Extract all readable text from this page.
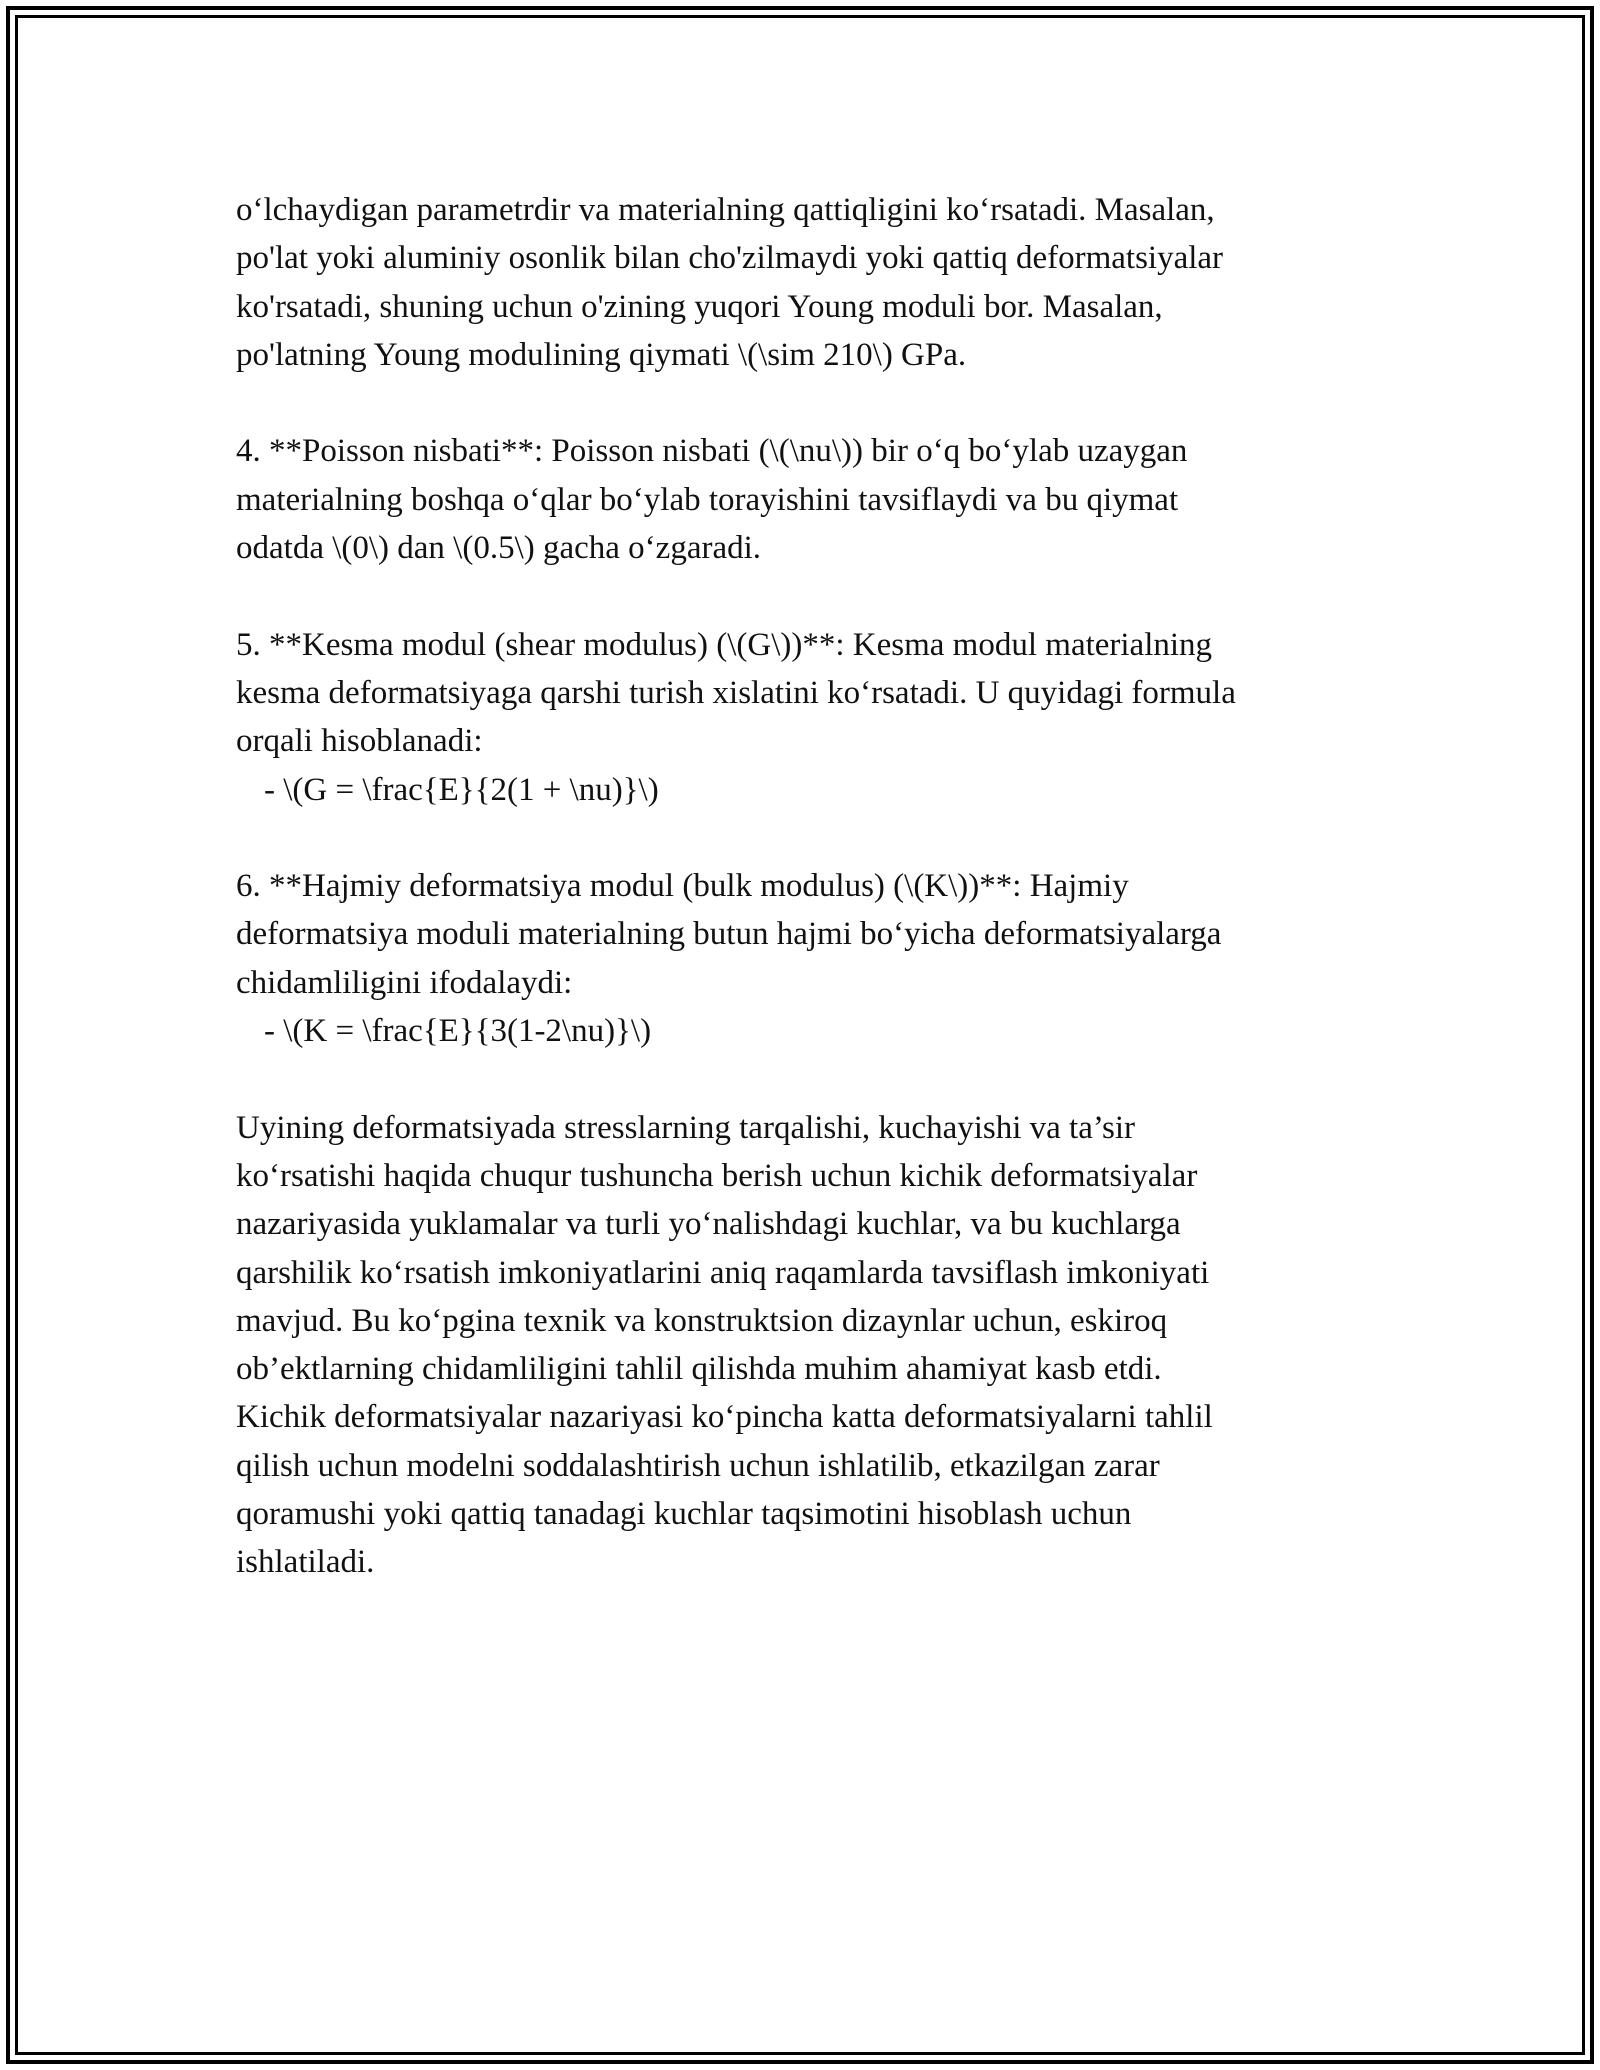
o‘lchaydigan parametrdir va materialning qattiqligini ko‘rsatadi. Masalan,
po'lat yoki aluminiy osonlik bilan cho'zilmaydi yoki qattiq deformatsiyalar
ko'rsatadi, shuning uchun o'zining yuqori Young moduli bor. Masalan,
po'latning Young modulining qiymati \(\sim 210\) GPa.

4. **Poisson nisbati**: Poisson nisbati (\(\nu\)) bir o‘q bo‘ylab uzaygan
materialning boshqa o‘qlar bo‘ylab torayishini tavsiflaydi va bu qiymat
odatda \(0\) dan \(0.5\) gacha o‘zgaradi.

5. **Kesma modul (shear modulus) (\(G\))**: Kesma modul materialning
kesma deformatsiyaga qarshi turish xislatini ko‘rsatadi. U quyidagi formula
orqali hisoblanadi:
- \(G = \frac{E}{2(1 + \nu)}\)

6. **Hajmiy deformatsiya modul (bulk modulus) (\(K\))**: Hajmiy
deformatsiya moduli materialning butun hajmi bo‘yicha deformatsiyalarga
chidamliligini ifodalaydi:
- \(K = \frac{E}{3(1-2\nu)}\)

Uyining deformatsiyada stresslarning tarqalishi, kuchayishi va ta’sir
ko‘rsatishi haqida chuqur tushuncha berish uchun kichik deformatsiyalar
nazariyasida yuklamalar va turli yo‘nalishdagi kuchlar, va bu kuchlarga
qarshilik ko‘rsatish imkoniyatlarini aniq raqamlarda tavsiflash imkoniyati
mavjud. Bu ko‘pgina texnik va konstruktsion dizaynlar uchun, eskiroq
ob’ektlarning chidamliligini tahlil qilishda muhim ahamiyat kasb etdi.
Kichik deformatsiyalar nazariyasi ko‘pincha katta deformatsiyalarni tahlil
qilish uchun modelni soddalashtirish uchun ishlatilib, etkazilgan zarar
qoramushi yoki qattiq tanadagi kuchlar taqsimotini hisoblash uchun
ishlatiladi.
